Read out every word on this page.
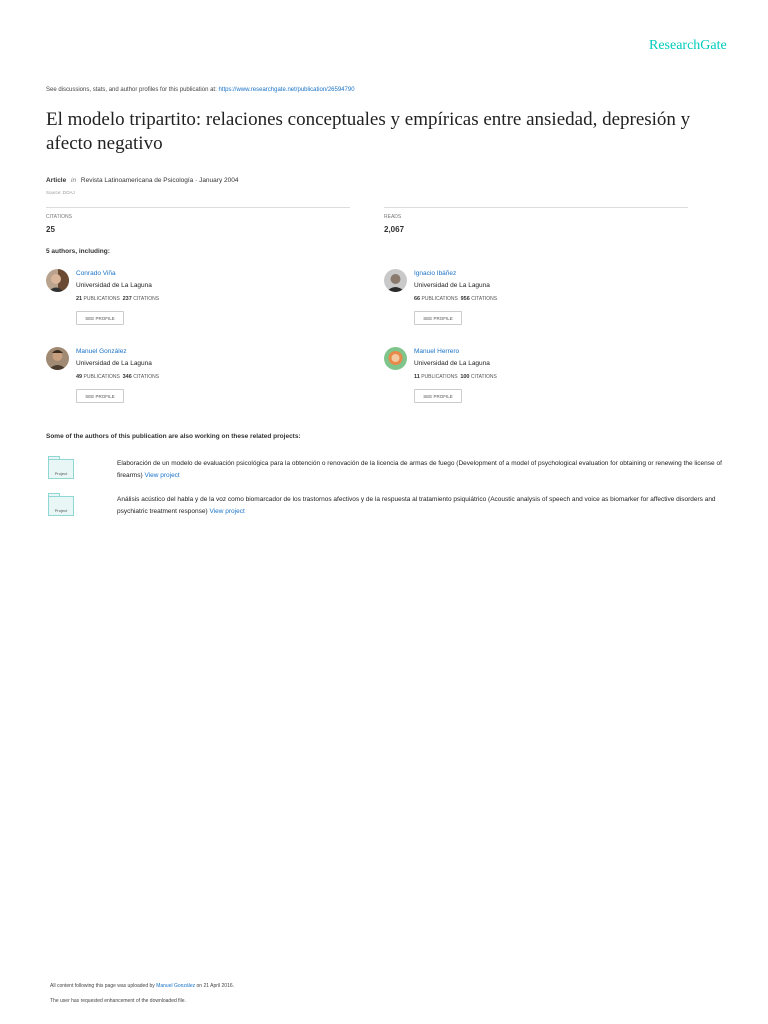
ResearchGate
See discussions, stats, and author profiles for this publication at: https://www.researchgate.net/publication/26594790
El modelo tripartito: relaciones conceptuales y empíricas entre ansiedad, depresión y afecto negativo
Article in Revista Latinoamericana de Psicología · January 2004
Source: DOAJ
CITATIONS
25
READS
2,067
5 authors, including:
Conrado Viña
Universidad de La Laguna
21 PUBLICATIONS 237 CITATIONS
SEE PROFILE
Ignacio Ibáñez
Universidad de La Laguna
66 PUBLICATIONS 956 CITATIONS
SEE PROFILE
Manuel González
Universidad de La Laguna
49 PUBLICATIONS 346 CITATIONS
SEE PROFILE
Manuel Herrero
Universidad de La Laguna
11 PUBLICATIONS 100 CITATIONS
SEE PROFILE
Some of the authors of this publication are also working on these related projects:
Project
Elaboración de un modelo de evaluación psicológica para la obtención o renovación de la licencia de armas de fuego (Development of a model of psychological evaluation for obtaining or renewing the license of firearms) View project
Project
Análisis acústico del habla y de la voz como biomarcador de los trastornos afectivos y de la respuesta al tratamiento psiquiátrico (Acoustic analysis of speech and voice as biomarker for affective disorders and psychiatric treatment response) View project
All content following this page was uploaded by Manuel González on 21 April 2016.
The user has requested enhancement of the downloaded file.
